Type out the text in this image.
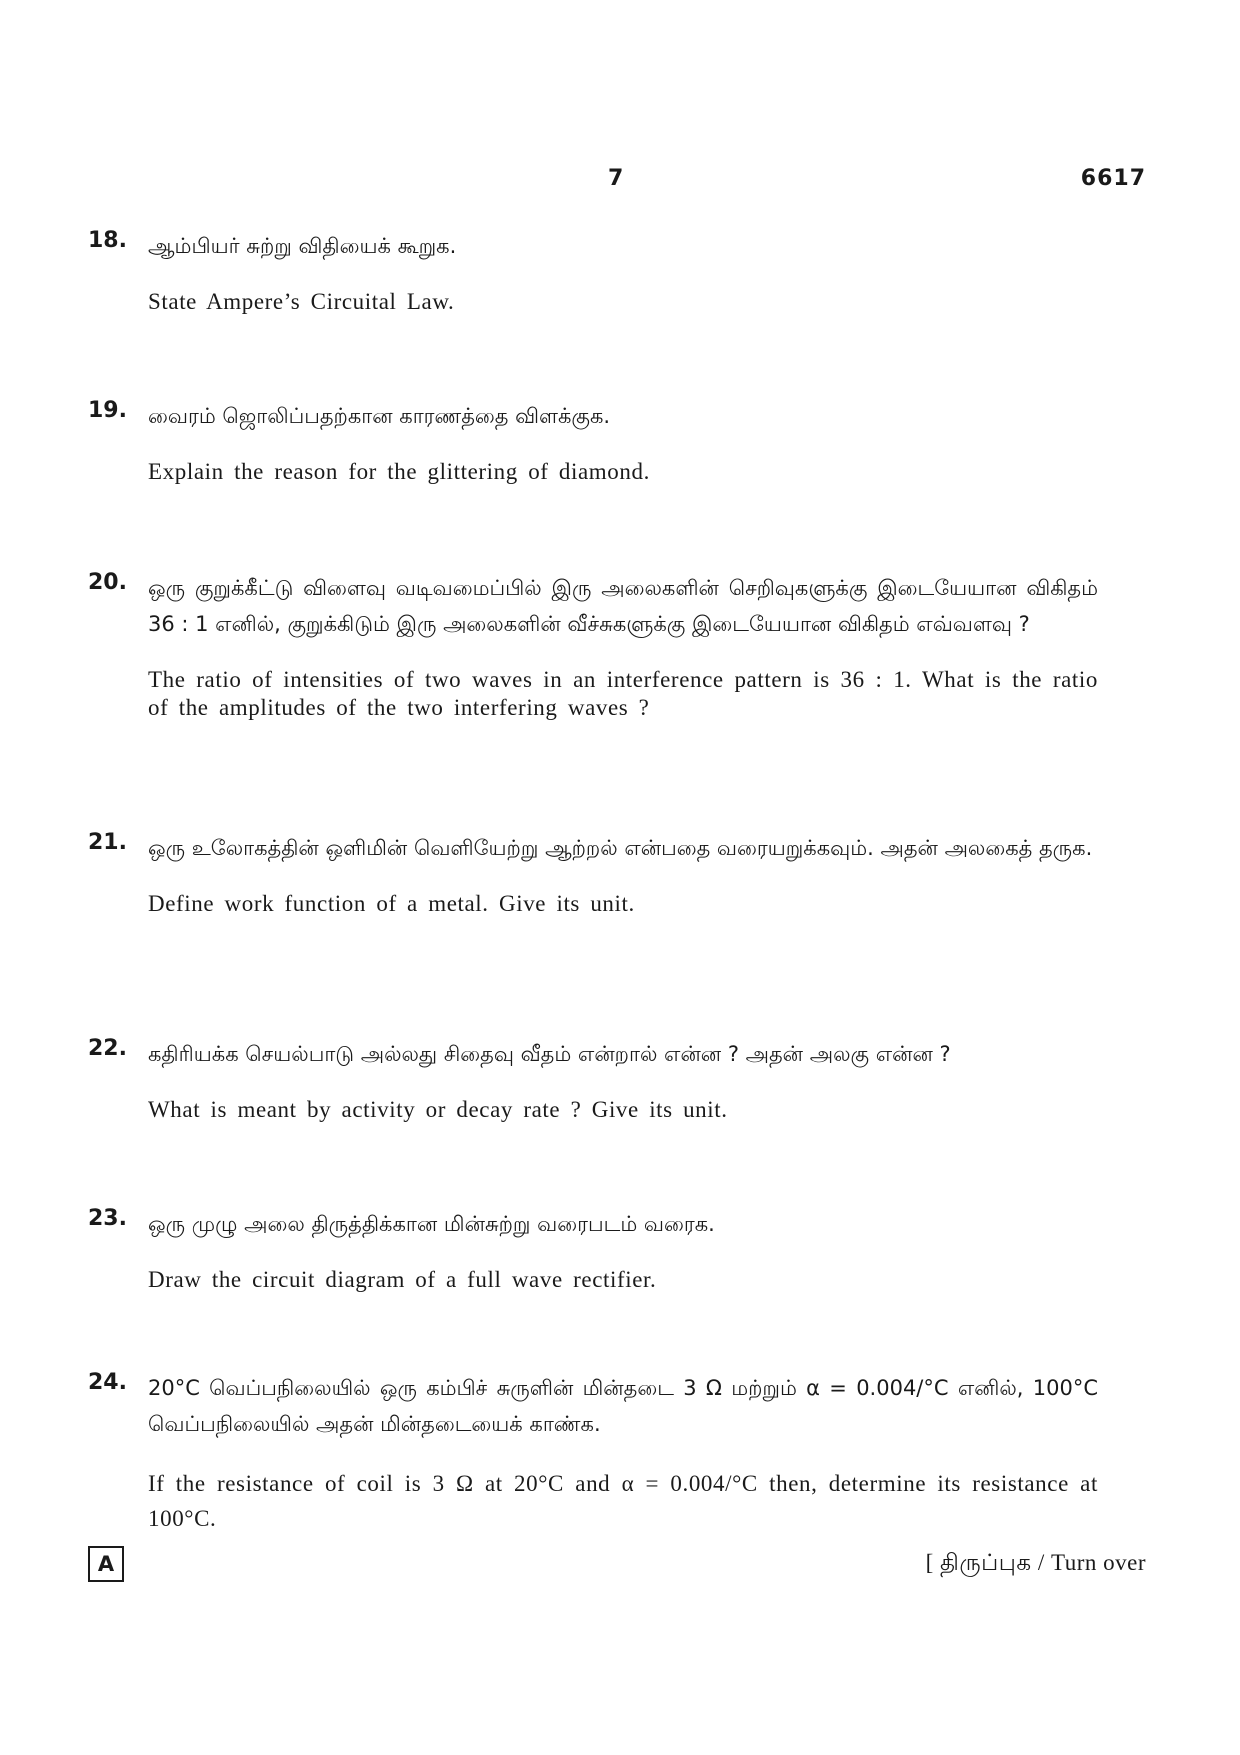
7	6617
18. ஆம்பியர் சுற்று விதியைக் கூறுக.

State Ampere’s Circuital Law.

19. வைரம் ஜொலிப்பதற்கான காரணத்தை விளக்குக.

Explain the reason for the glittering of diamond.

20. ஒரு குறுக்கீட்டு விளைவு வடிவமைப்பில் இரு அலைகளின் செறிவுகளுக்கு இடையேயான விகிதம் 36 : 1 எனில், குறுக்கிடும் இரு அலைகளின் வீச்சுகளுக்கு இடையேயான விகிதம் எவ்வளவு ?

The ratio of intensities of two waves in an interference pattern is 36 : 1. What is the ratio of the amplitudes of the two interfering waves ?

21. ஒரு உலோகத்தின் ஒளிமின் வெளியேற்று ஆற்றல் என்பதை வரையறுக்கவும். அதன் அலகைத் தருக.

Define work function of a metal. Give its unit.

22. கதிரியக்க செயல்பாடு அல்லது சிதைவு வீதம் என்றால் என்ன ? அதன் அலகு என்ன ?

What is meant by activity or decay rate ? Give its unit.

23. ஒரு முழு அலை திருத்திக்கான மின்சுற்று வரைபடம் வரைக.

Draw the circuit diagram of a full wave rectifier.

24. 20°C வெப்பநிலையில் ஒரு கம்பிச் சுருளின் மின்தடை 3 Ω மற்றும் α = 0.004/°C எனில், 100°C வெப்பநிலையில் அதன் மின்தடையைக் காண்க.

If the resistance of coil is 3 Ω at 20°C and α = 0.004/°C then, determine its resistance at 100°C.

A	[ திருப்புக / Turn over
